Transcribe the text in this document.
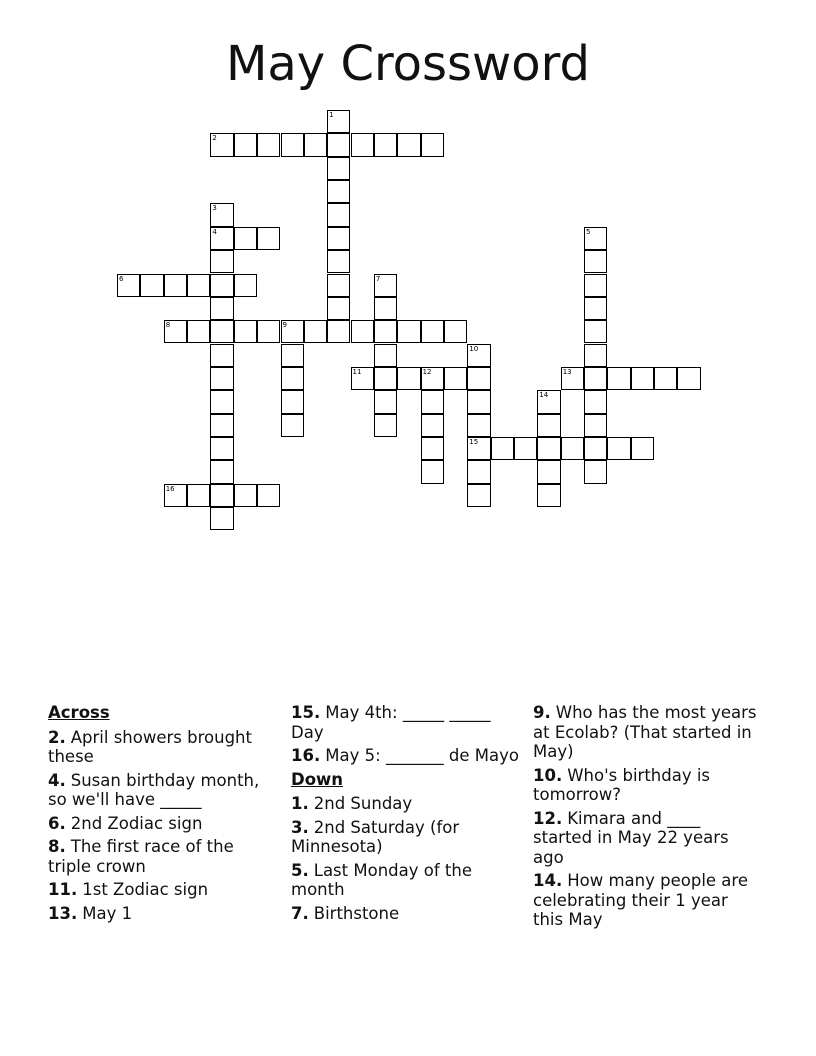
May Crossword
1
2
3
4	5
6	7
8	9
10
15
11	12	13
14
16
Across
2. April showers brought these
4. Susan birthday month, so we'll have _____
6. 2nd Zodiac sign
8. The first race of the triple crown
11. 1st Zodiac sign
13. May 1
15. May 4th: _____ _____ Day
16. May 5: _______ de Mayo
Down
1. 2nd Sunday
3. 2nd Saturday (for Minnesota)
5. Last Monday of the month
7. Birthstone
9. Who has the most years at Ecolab? (That started in May)
10. Who's birthday is tomorrow?
12. Kimara and ____ started in May 22 years ago
14. How many people are celebrating their 1 year this May
